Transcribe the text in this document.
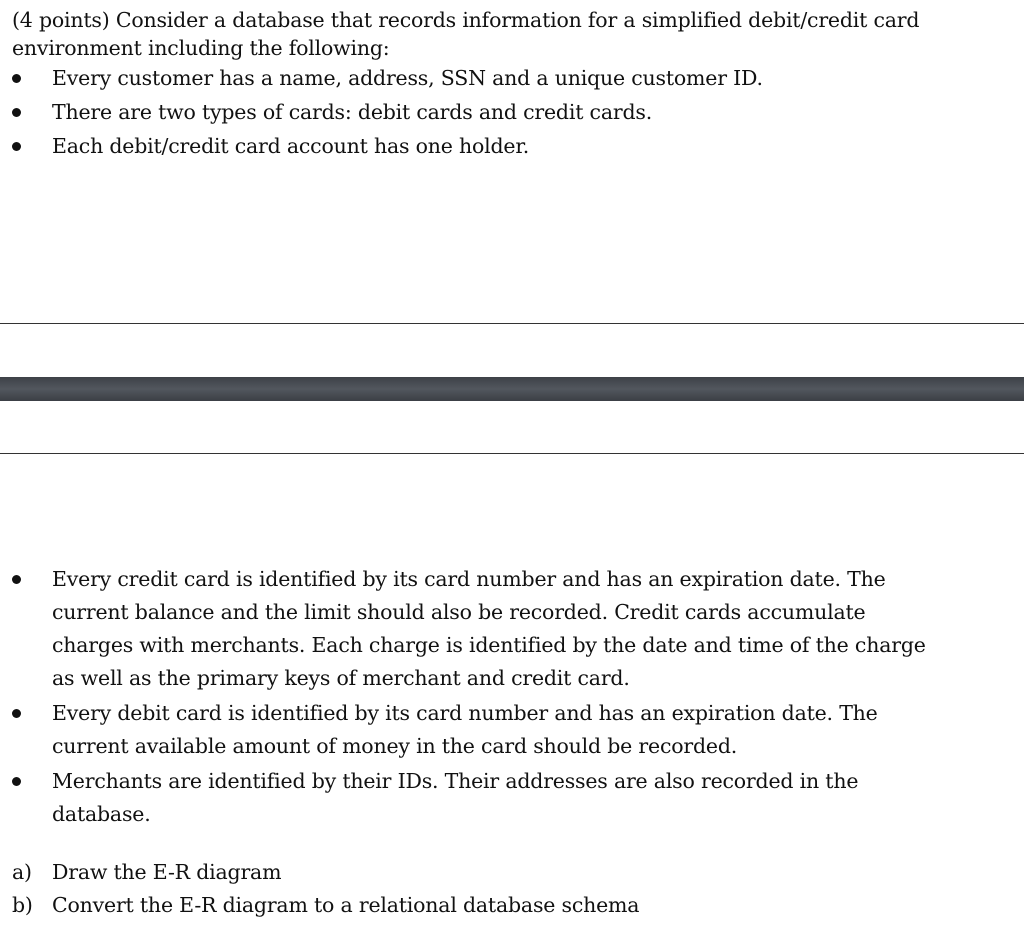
(4 points) Consider a database that records information for a simplified debit/credit card environment including the following:
Every customer has a name, address, SSN and a unique customer ID.
There are two types of cards: debit cards and credit cards.
Each debit/credit card account has one holder.
Every credit card is identified by its card number and has an expiration date. The current balance and the limit should also be recorded. Credit cards accumulate charges with merchants. Each charge is identified by the date and time of the charge as well as the primary keys of merchant and credit card.
Every debit card is identified by its card number and has an expiration date. The current available amount of money in the card should be recorded.
Merchants are identified by their IDs. Their addresses are also recorded in the database.
a) Draw the E-R diagram
b) Convert the E-R diagram to a relational database schema
